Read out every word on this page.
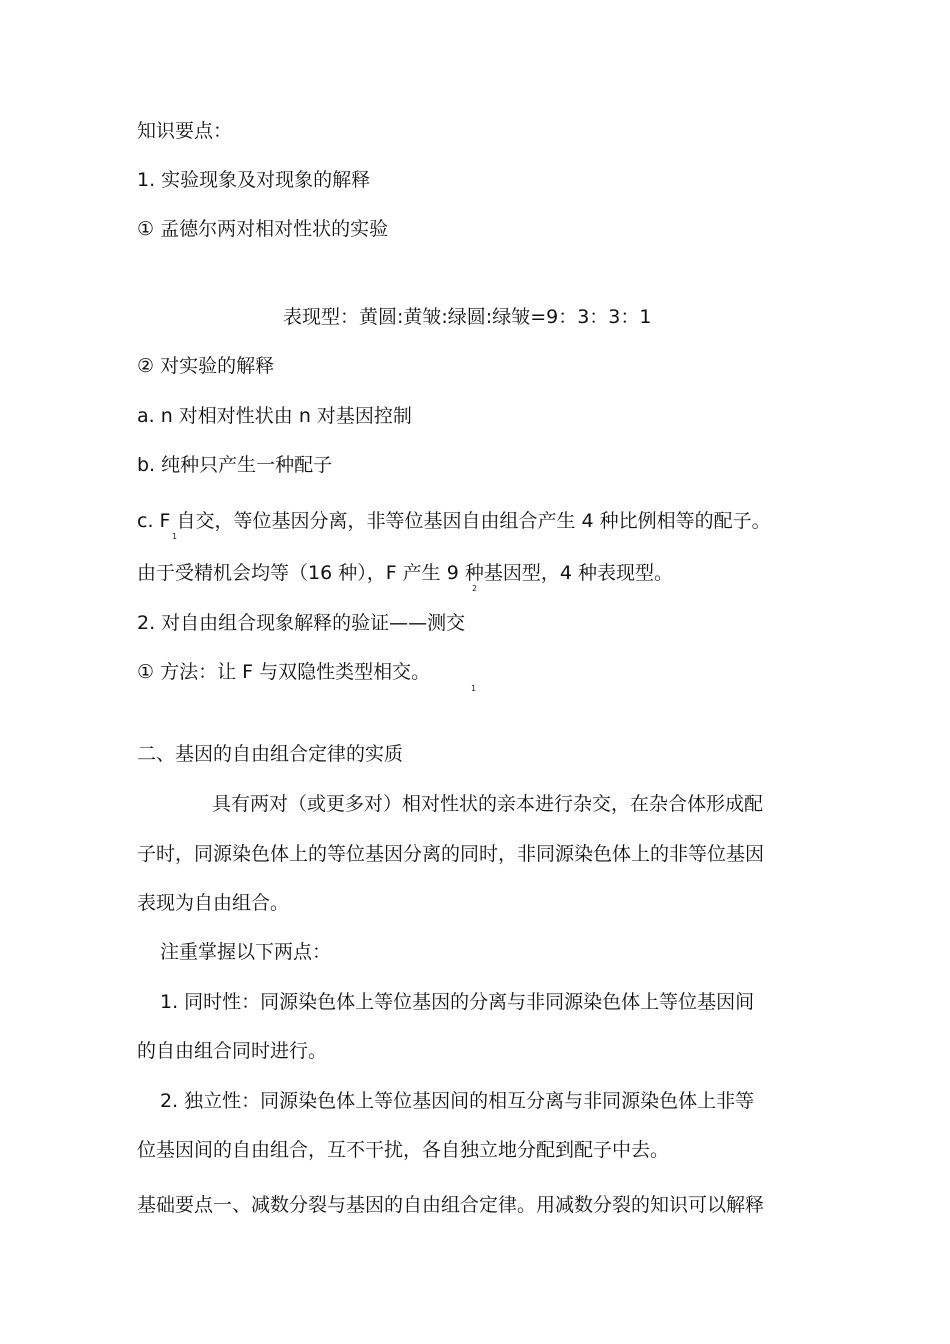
知识要点：

1. 实验现象及对现象的解释

① 孟德尔两对相对性状的实验

表现型：黄圆:黄皱:绿圆:绿皱=9：3：3：1

② 对实验的解释

a. n 对相对性状由 n 对基因控制

b. 纯种只产生一种配子

c. F 自交，等位基因分离，非等位基因自由组合产生 4 种比例相等的配子。

1

由于受精机会均等（16 种），F 产生 9 种基因型，4 种表现型。

2

2. 对自由组合现象解释的验证——测交

① 方法：让 F 与双隐性类型相交。

1

二、基因的自由组合定律的实质

具有两对（或更多对）相对性状的亲本进行杂交，在杂合体形成配

子时，同源染色体上的等位基因分离的同时，非同源染色体上的非等位基因

表现为自由组合。

注重掌握以下两点：

1. 同时性：同源染色体上等位基因的分离与非同源染色体上等位基因间

的自由组合同时进行。

2. 独立性：同源染色体上等位基因间的相互分离与非同源染色体上非等

位基因间的自由组合，互不干扰，各自独立地分配到配子中去。

基础要点一、减数分裂与基因的自由组合定律。用减数分裂的知识可以解释
